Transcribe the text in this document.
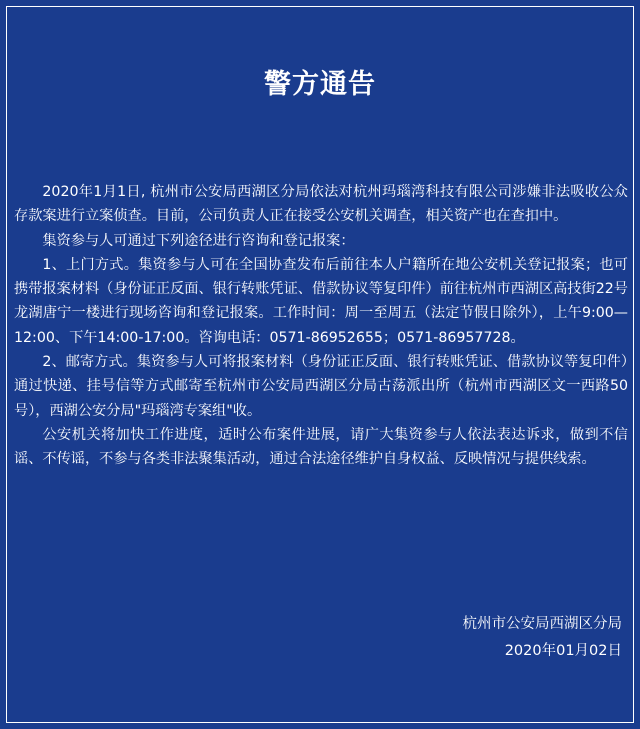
警方通告

2020年1月1日, 杭州市公安局西湖区分局依法对杭州玛瑙湾科技有限公司涉嫌非法吸收公众存款案进行立案侦查。目前，公司负责人正在接受公安机关调查，相关资产也在查扣中。

集资参与人可通过下列途径进行咨询和登记报案：

1、上门方式。集资参与人可在全国协查发布后前往本人户籍所在地公安机关登记报案；也可携带报案材料（身份证正反面、银行转账凭证、借款协议等复印件）前往杭州市西湖区高技街22号龙湖唐宁一楼进行现场咨询和登记报案。工作时间：周一至周五（法定节假日除外），上午9:00—12:00、下午14:00-17:00。咨询电话：0571-86952655；0571-86957728。

2、邮寄方式。集资参与人可将报案材料（身份证正反面、银行转账凭证、借款协议等复印件）通过快递、挂号信等方式邮寄至杭州市公安局西湖区分局古荡派出所（杭州市西湖区文一西路50号），西湖公安分局"玛瑙湾专案组"收。

公安机关将加快工作进度，适时公布案件进展，请广大集资参与人依法表达诉求，做到不信谣、不传谣，不参与各类非法聚集活动，通过合法途径维护自身权益、反映情况与提供线索。

杭州市公安局西湖区分局
2020年01月02日
